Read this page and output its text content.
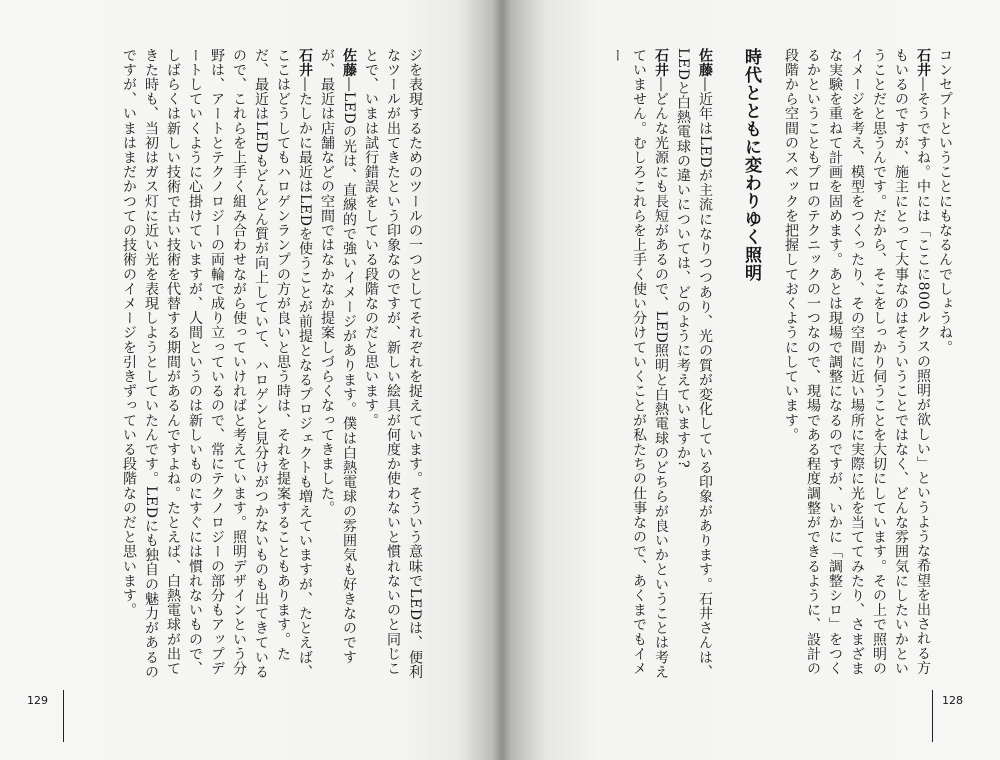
ジを表現するためのツールの一つとしてそれぞれを捉えています。そういう意味でLEDは、便利なツールが出てきたという印象なのですが、新しい絵具が何度か使わないと慣れないのと同じことで、いまは試行錯誤をしている段階なのだと思います。

佐藤―LEDの光は、直線的で強いイメージがあります。僕は白熱電球の雰囲気も好きなのですが、最近は店舗などの空間ではなかなか提案しづらくなってきました。

石井―たしかに最近はLEDを使うことが前提となるプロジェクトも増えていますが、たとえば、ここはどうしてもハロゲンランプの方が良いと思う時は、それを提案することもあります。ただ、最近はLEDもどんどん質が向上していて、ハロゲンと見分けがつかないものも出てきているので、これらを上手く組み合わせながら使っていければと考えています。照明デザインという分野は、アートとテクノロジーの両輪で成り立っているので、常にテクノロジーの部分もアップデートしていくように心掛けていますが、人間というのは新しいものにすぐには慣れないもので、しばらくは新しい技術で古い技術を代替する期間があるんですよね。たとえば、白熱電球が出てきた時も、当初はガス灯に近い光を表現しようとしていたんです。LEDにも独自の魅力があるのですが、いまはまだかつての技術のイメージを引きずっている段階なのだと思います。

129

コンセプトということにもなるんでしょうね。

石井―そうですね。中には「ここに800ルクスの照明が欲しい」というような希望を出される方もいるのですが、施主にとって大事なのはそういうことではなく、どんな雰囲気にしたいかということだと思うんです。だから、そこをしっかり伺うことを大切にしています。その上で照明のイメージを考え、模型をつくったり、その空間に近い場所に実際に光を当ててみたり、さまざまな実験を重ねて計画を固めます。あとは現場で調整になるのですが、いかに「調整シロ」をつくるかということもプロのテクニックの一つなので、現場である程度調整ができるように、設計の段階から空間のスペックを把握しておくようにしています。

時代とともに変わりゆく照明

佐藤―近年はLEDが主流になりつつあり、光の質が変化している印象があります。石井さんは、LEDと白熱電球の違いについては、どのように考えていますか?

石井―どんな光源にも長短があるので、LED照明と白熱電球のどちらが良いかということは考えていません。むしろこれらを上手く使い分けていくことが私たちの仕事なので、あくまでもイメー

128
